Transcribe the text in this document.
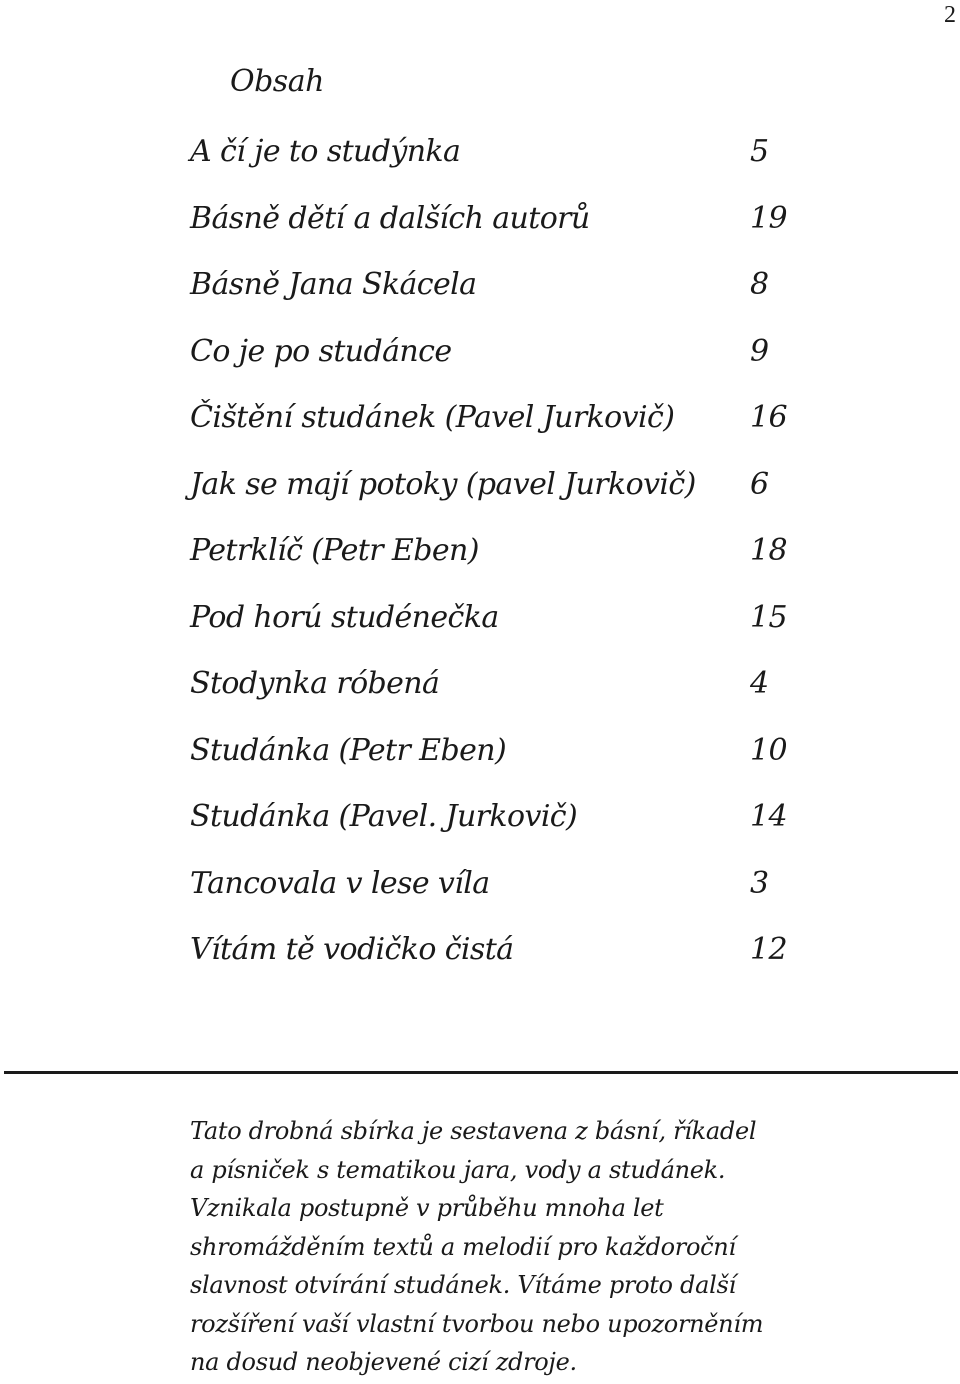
2
Obsah
A čí je to studýnka	5
Básně dětí a dalších autorů	19
Básně Jana Skácela	8
Co je po studánce	9
Čištění studánek (Pavel Jurkovič)	16
Jak se mají potoky (pavel Jurkovič) 6
Petrklíč (Petr Eben)	18
Pod horú studénečka	15
Stodynka róbená	4
Studánka (Petr Eben)	10
Studánka (Pavel. Jurkovič)	14
Tancovala v lese víla	3
Vítám tě vodičko čistá	12

Tato drobná sbírka je sestavena z básní, říkadel
a písniček s tematikou jara, vody a studánek.
Vznikala postupně v průběhu mnoha let
shromážděním textů a melodií pro každoroční
slavnost otvírání studánek. Vítáme proto další
rozšíření vaší vlastní tvorbou nebo upozorněním
na dosud neobjevené cizí zdroje.
